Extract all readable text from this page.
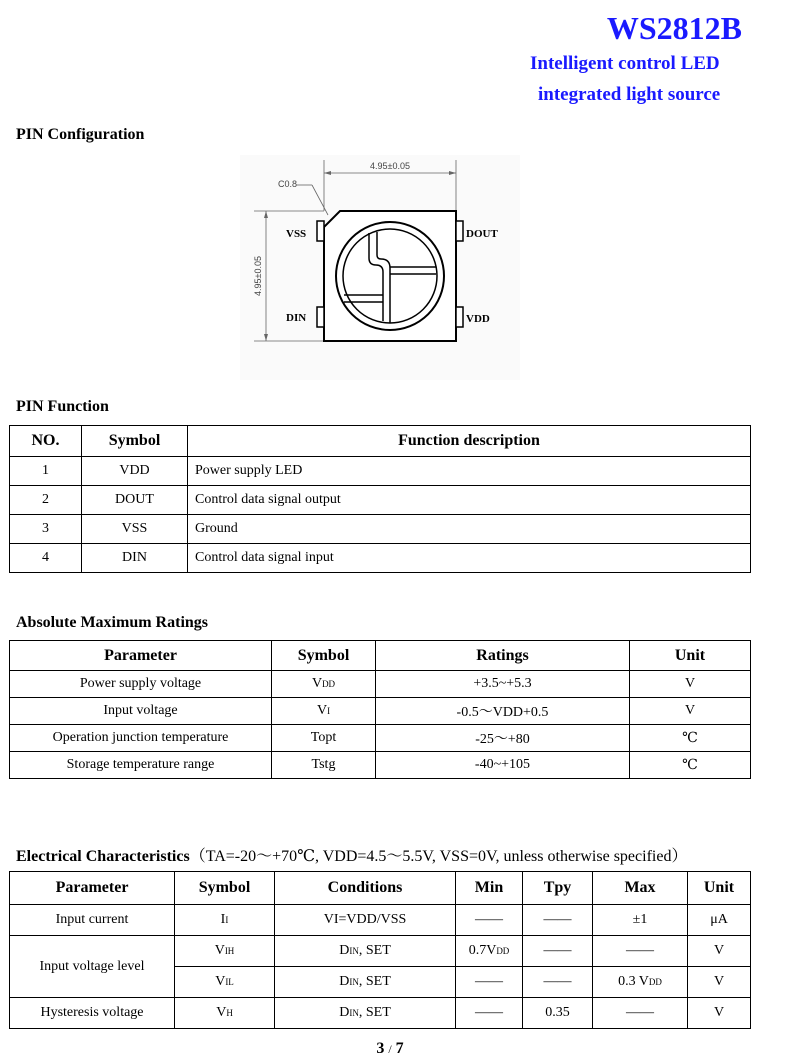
WS2812B
Intelligent control LED
integrated light source
PIN Configuration
4.95±0.05
C0.8
4.95±0.05
VSS
DIN
DOUT
VDD
PIN Function
NO.	Symbol	Function description
1	VDD	Power supply LED
2	DOUT	Control data signal output
3	VSS	Ground
4	DIN	Control data signal input
Absolute Maximum Ratings
Parameter	Symbol	Ratings	Unit
Power supply voltage	VDD	+3.5~+5.3	V
Input voltage	VI	-0.5～VDD+0.5	V
Operation junction temperature	Topt	-25～+80	℃
Storage temperature range	Tstg	-40~+105	℃
Electrical Characteristics（TA=-20～+70℃, VDD=4.5～5.5V, VSS=0V, unless otherwise specified）
Parameter	Symbol	Conditions	Min	Tpy	Max	Unit
Input current	II	VI=VDD/VSS	——	——	±1	μA
Input voltage level	VIH	DIN, SET	0.7VDD	——	——	V
	VIL	DIN, SET	——	——	0.3 VDD	V
Hysteresis voltage	VH	DIN, SET	——	0.35	——	V
3 / 7
